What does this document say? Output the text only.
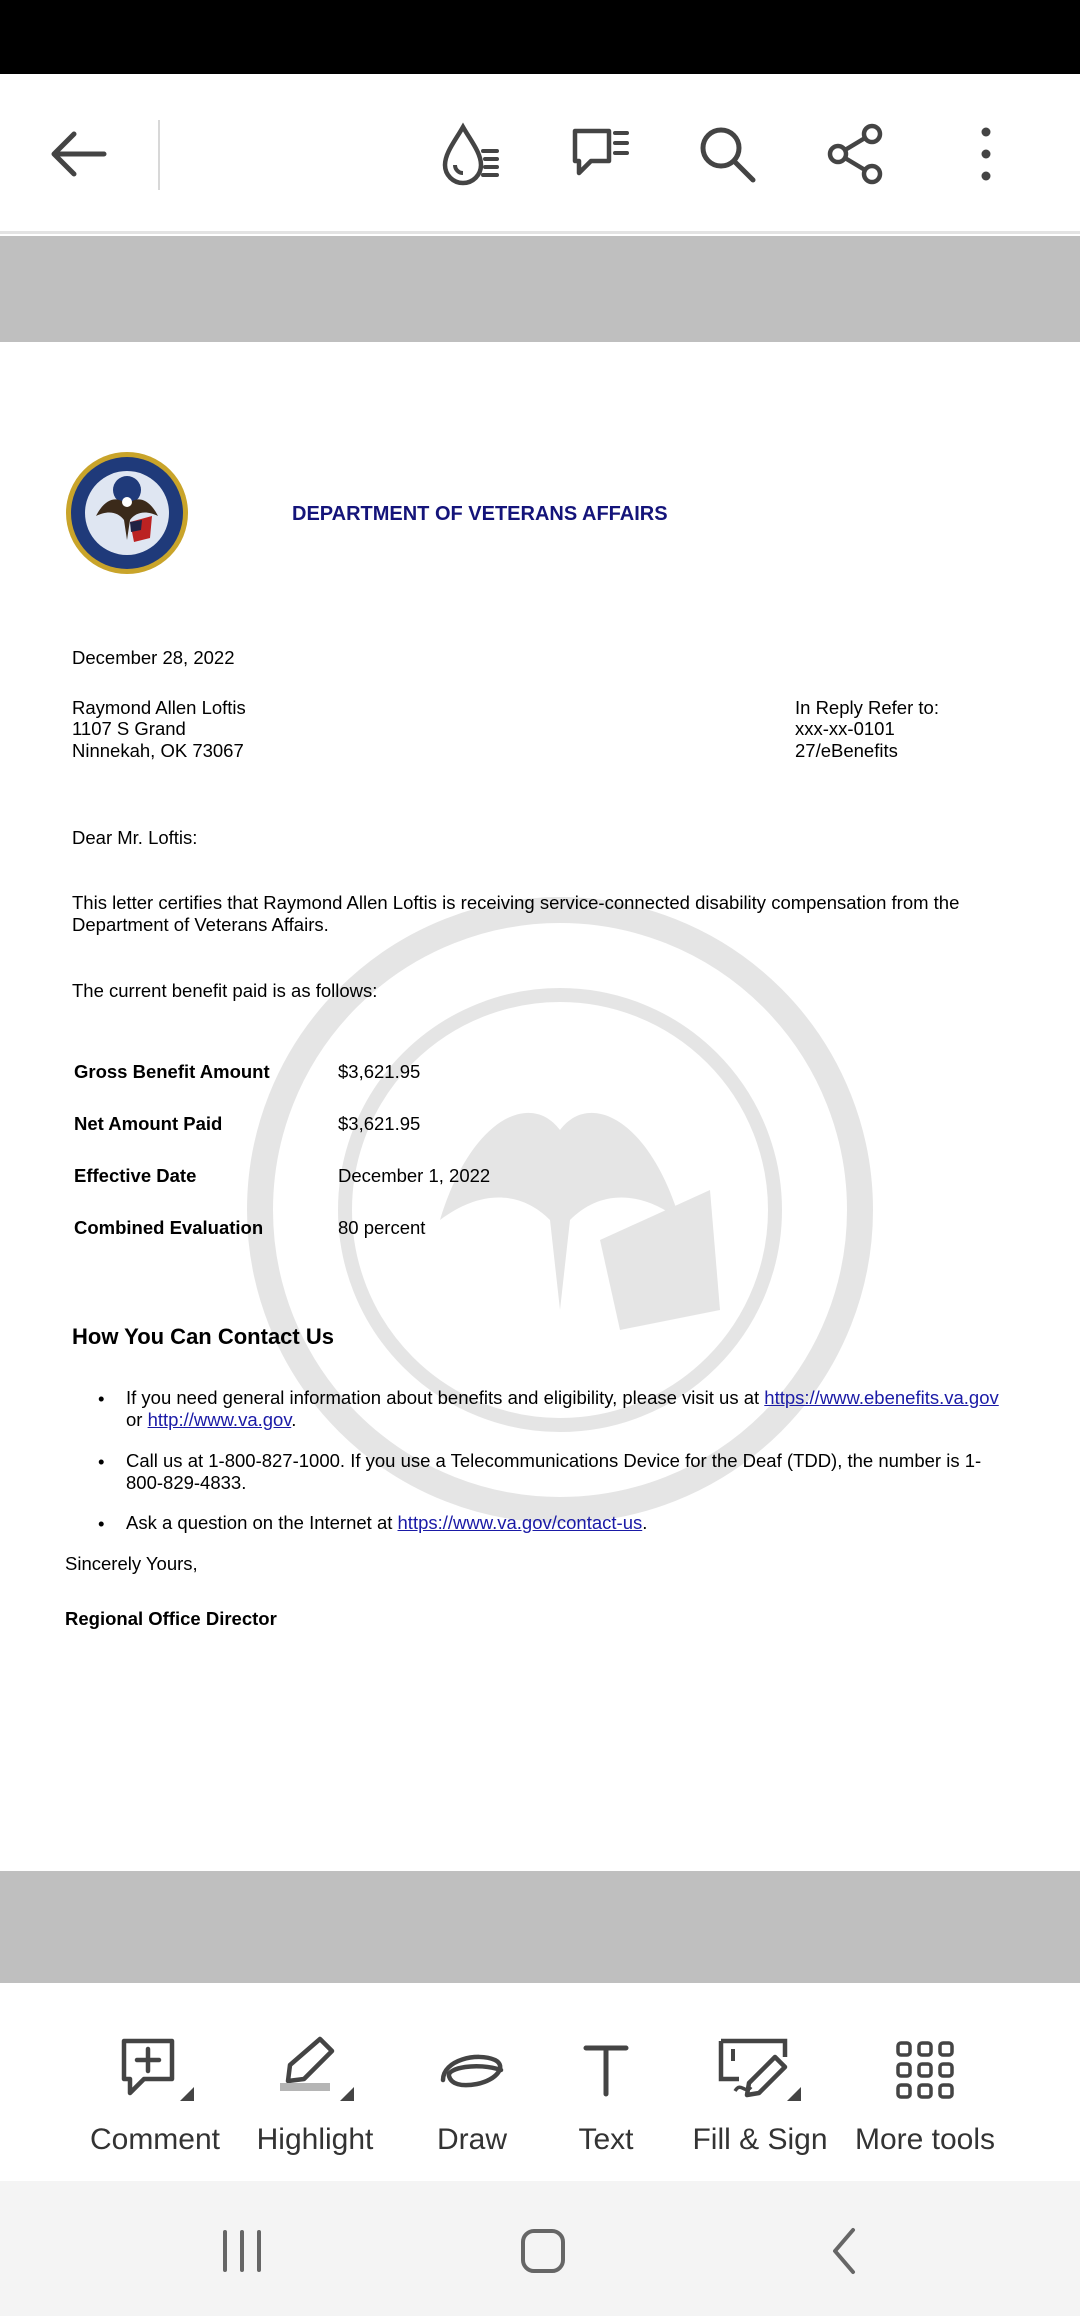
DEPARTMENT OF VETERANS AFFAIRS
December 28, 2022
Raymond Allen Loftis
1107 S Grand
Ninnekah, OK 73067
In Reply Refer to:
xxx-xx-0101
27/eBenefits
Dear Mr. Loftis:
This letter certifies that Raymond Allen Loftis is receiving service-connected disability compensation from the
Department of Veterans Affairs.
The current benefit paid is as follows:
Gross Benefit Amount	$3,621.95
Net Amount Paid	$3,621.95
Effective Date	December 1, 2022
Combined Evaluation	80 percent
How You Can Contact Us
• If you need general information about benefits and eligibility, please visit us at https://www.ebenefits.va.gov
or http://www.va.gov.
• Call us at 1-800-827-1000. If you use a Telecommunications Device for the Deaf (TDD), the number is 1-
800-829-4833.
• Ask a question on the Internet at https://www.va.gov/contact-us.
Sincerely Yours,
Regional Office Director
Comment Highlight Draw Text Fill & Sign More tools
